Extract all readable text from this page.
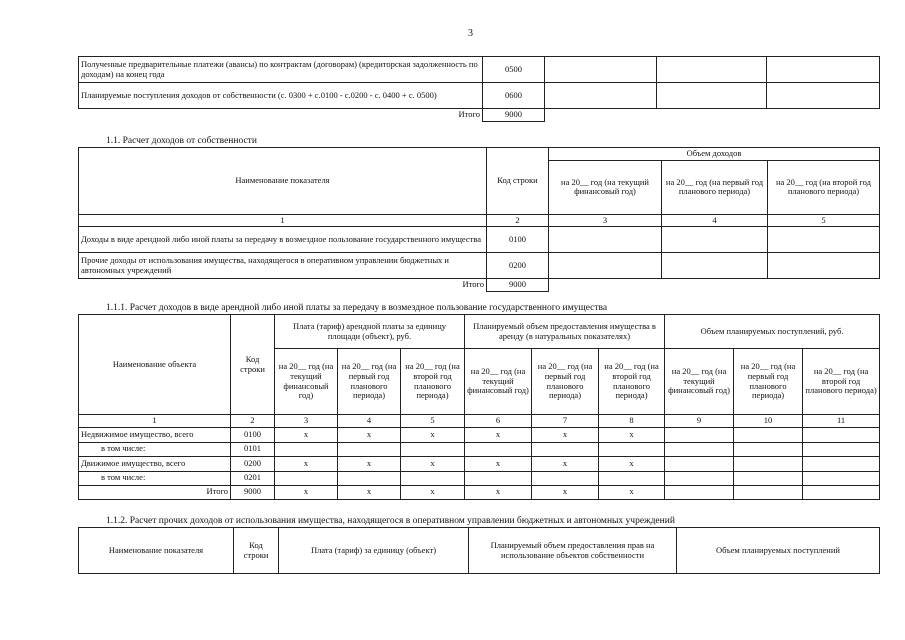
3
Полученные предварительные платежи (авансы) по контрактам (договорам) (кредиторская задолженность по доходам) на конец года	0500			
Планируемые поступления доходов от собственности (с. 0300 + с.0100 - с.0200 - с. 0400 + с. 0500)	0600			
Итого	9000			
1.1. Расчет доходов от собственности
Наименование показателя	Код строки	Объем доходов		
		на 20__ год (на текущий финансовый год)	на 20__ год (на первый год планового периода)	на 20__ год (на второй год планового периода)
1	2	3	4	5
Доходы в виде арендной либо иной платы за передачу в возмездное пользование государственного имущества	0100			
Прочие доходы от использования имущества, находящегося в оперативном управлении бюджетных и автономных учреждений	0200			
Итого	9000			
1.1.1. Расчет доходов в виде арендной либо иной платы за передачу в возмездное пользование государственного имущества
Наименование объекта	Код строки	Плата (тариф) арендной платы за единицу площади (объект), руб.			Планируемый объем предоставления имущества в аренду (в натуральных показателях)			Объем планируемых поступлений, руб.		
		на 20__ год (на текущий финансовый год)	на 20__ год (на первый год планового периода)	на 20__ год (на второй год планового периода)	на 20__ год (на текущий финансовый год)	на 20__ год (на первый год планового периода)	на 20__ год (на второй год планового периода)	на 20__ год (на текущий финансовый год)	на 20__ год (на первый год планового периода)	на 20__ год (на второй год планового периода)
1	2	3	4	5	6	7	8	9	10	11
Недвижимое имущество, всего	0100	x	x	x	x	x	x			
в том числе:	0101									
Движимое имущество, всего	0200	x	x	x	x	x	x			
в том числе:	0201									
Итого	9000	x	x	x	x	x	x			
1.1.2. Расчет прочих доходов от использования имущества, находящегося в оперативном управлении бюджетных и автономных учреждений
Наименование показателя	Код строки	Плата (тариф) за единицу (объект)	Планируемый объем предоставления прав на использование объектов собственности	Объем планируемых поступлений
